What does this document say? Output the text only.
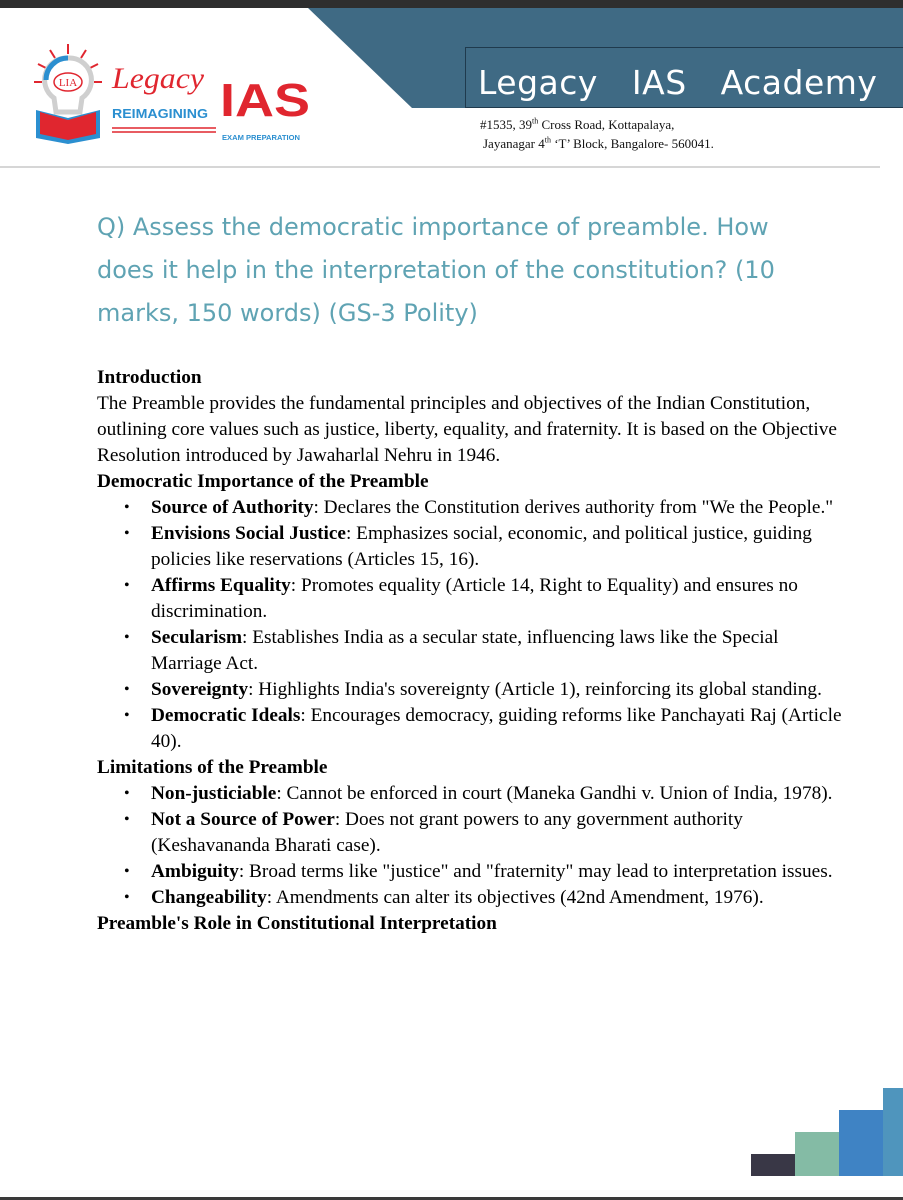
Legacy  IAS  Academy
#1535, 39th Cross Road, Kottapalaya,
Jayanagar 4th ‘T’ Block, Bangalore- 560041.
LIA Legacy
REIMAGINING IAS
EXAM PREPARATION
Q) Assess the democratic importance of preamble. How does it help in the interpretation of the constitution? (10 marks, 150 words) (GS-3 Polity)
Introduction

The Preamble provides the fundamental principles and objectives of the Indian Constitution, outlining core values such as justice, liberty, equality, and fraternity. It is based on the Objective Resolution introduced by Jawaharlal Nehru in 1946.

Democratic Importance of the Preamble
• Source of Authority: Declares the Constitution derives authority from "We the People."
• Envisions Social Justice: Emphasizes social, economic, and political justice, guiding policies like reservations (Articles 15, 16).
• Affirms Equality: Promotes equality (Article 14, Right to Equality) and ensures no discrimination.
• Secularism: Establishes India as a secular state, influencing laws like the Special Marriage Act.
• Sovereignty: Highlights India's sovereignty (Article 1), reinforcing its global standing.
• Democratic Ideals: Encourages democracy, guiding reforms like Panchayati Raj (Article 40).
Limitations of the Preamble
• Non-justiciable: Cannot be enforced in court (Maneka Gandhi v. Union of India, 1978).
• Not a Source of Power: Does not grant powers to any government authority (Keshavananda Bharati case).
• Ambiguity: Broad terms like "justice" and "fraternity" may lead to interpretation issues.
• Changeability: Amendments can alter its objectives (42nd Amendment, 1976).
Preamble's Role in Constitutional Interpretation
